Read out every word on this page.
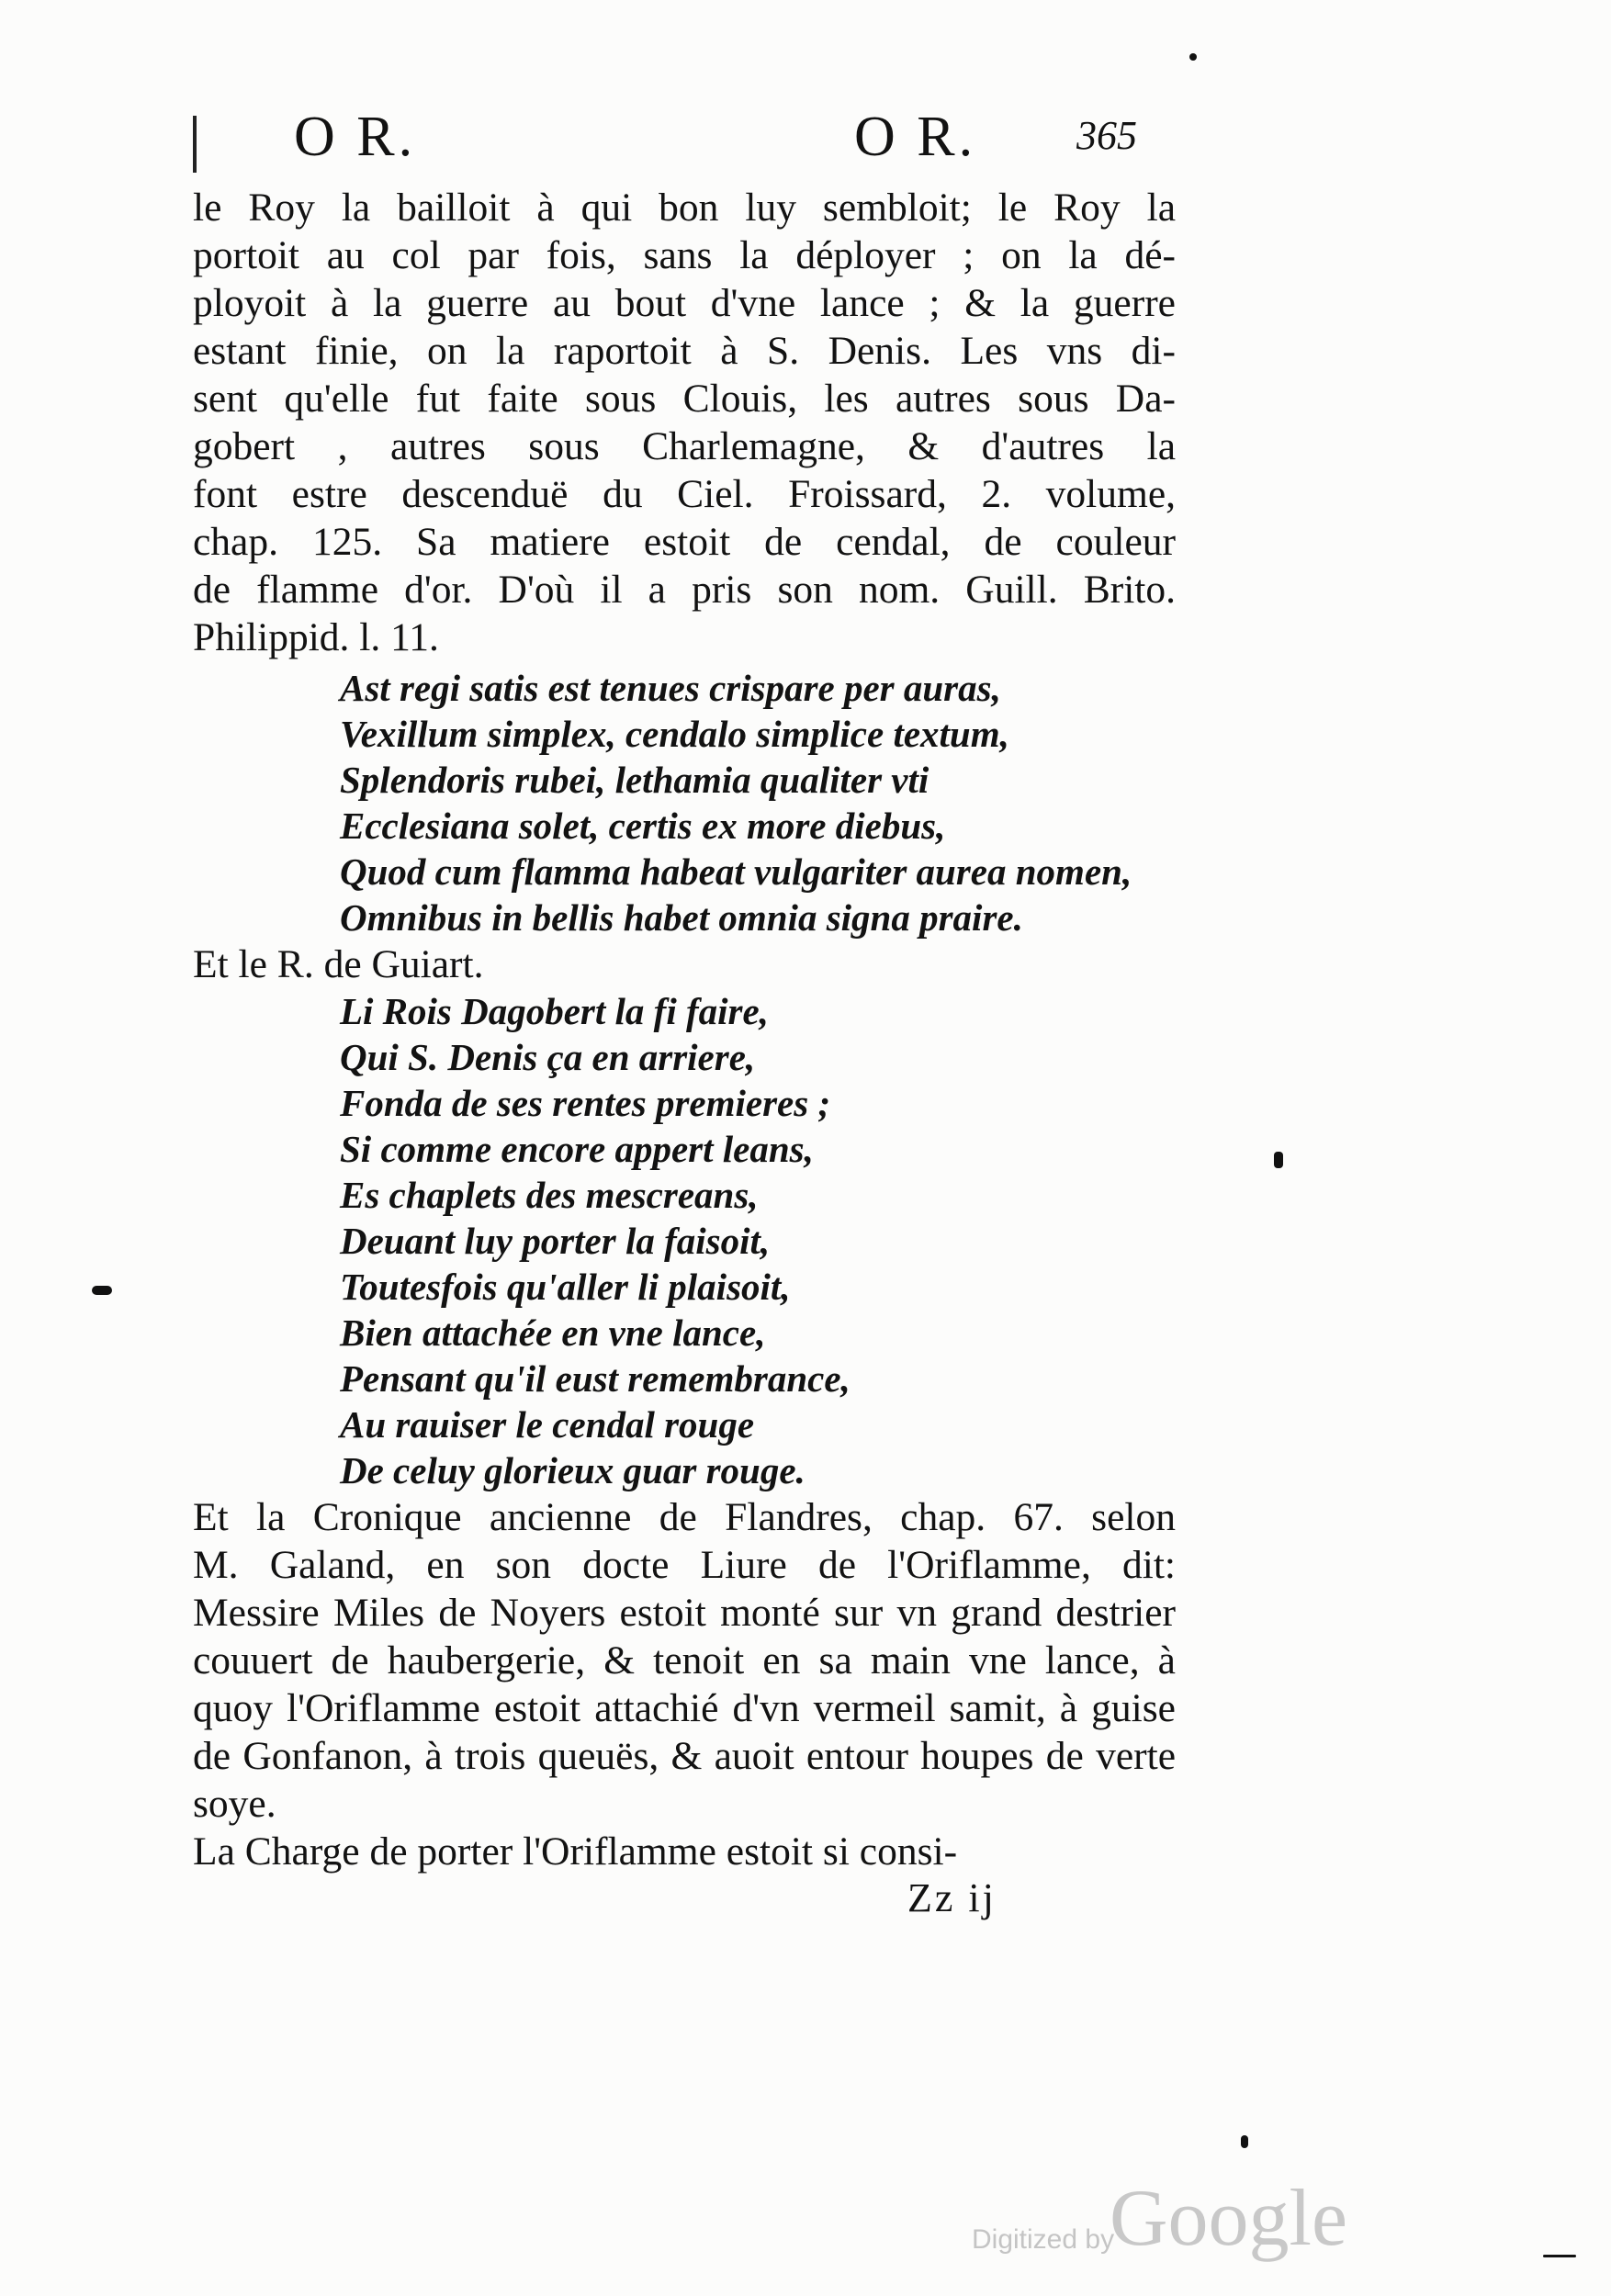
O R.	O R. 365
le Roy la bailloit à qui bon luy sembloit; le Roy la
portoit au col par fois, sans la déployer ; on la dé-
ployoit à la guerre au bout d'vne lance ; & la guerre
estant finie, on la raportoit à S. Denis. Les vns di-
sent qu'elle fut faite sous Clouis, les autres sous Da-
gobert , autres sous Charlemagne, & d'autres la
font estre descenduë du Ciel. Froissard, 2. volume,
chap. 125. Sa matiere estoit de cendal, de couleur
de flamme d'or. D'où il a pris son nom. Guill. Brito.
Philippid. l. 11.
Ast regi satis est tenues crispare per auras,
Vexillum simplex, cendalo simplice textum,
Splendoris rubei, lethamia qualiter vti
Ecclesiana solet, certis ex more diebus,
Quod cum flamma habeat vulgariter aurea nomen,
Omnibus in bellis habet omnia signa praire.
Et le R. de Guiart.
Li Rois Dagobert la fi faire,
Qui S. Denis ça en arriere,
Fonda de ses rentes premieres ;
Si comme encore appert leans,
Es chaplets des mescreans,
Deuant luy porter la faisoit,
Toutesfois qu'aller li plaisoit,
Bien attachée en vne lance,
Pensant qu'il eust remembrance,
Au rauiser le cendal rouge
De celuy glorieux guar rouge.
Et la Cronique ancienne de Flandres, chap. 67. selon
M. Galand, en son docte Liure de l'Oriflamme, dit:
Messire Miles de Noyers estoit monté sur vn grand destrier
couuert de haubergerie, & tenoit en sa main vne lance, à
quoy l'Oriflamme estoit attachié d'vn vermeil samit, à guise
de Gonfanon, à trois queuës, & auoit entour houpes de verte
soye.
La Charge de porter l'Oriflamme estoit si consi-
Zz ij
Digitized by
Google
